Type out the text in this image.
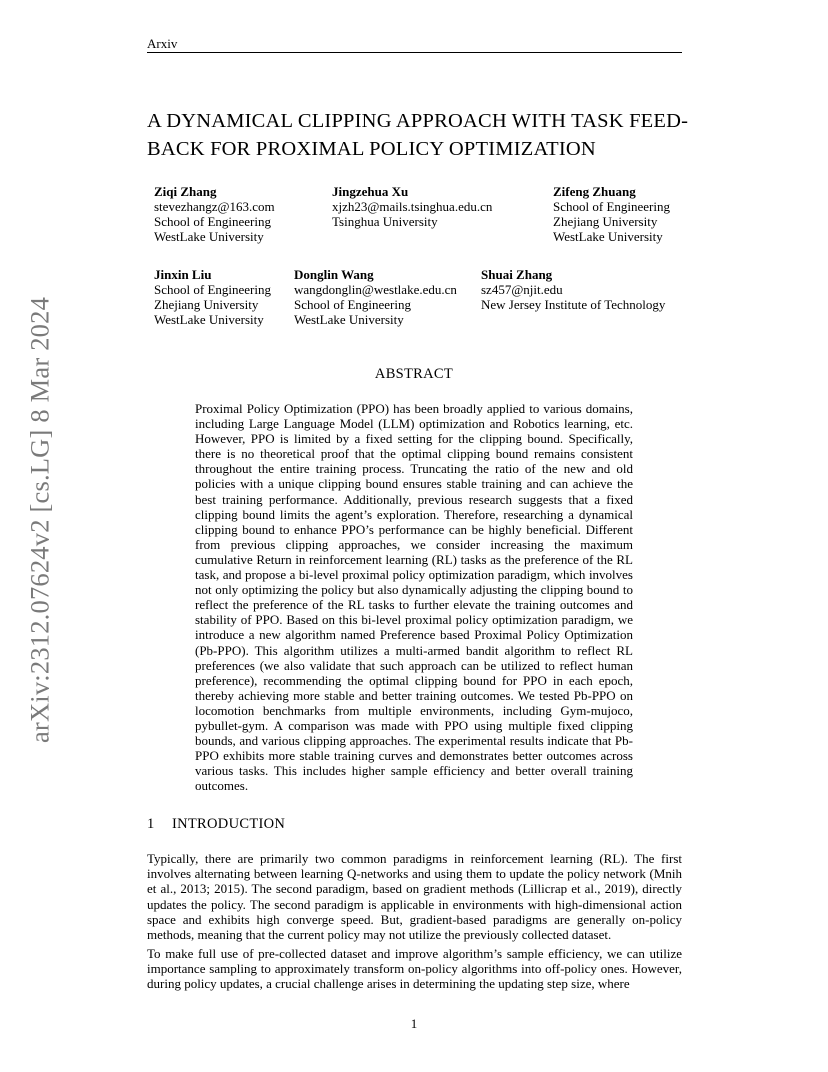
Arxiv
A DYNAMICAL CLIPPING APPROACH WITH TASK FEED- BACK FOR PROXIMAL POLICY OPTIMIZATION
Ziqi Zhang
stevezhangz@163.com
School of Engineering
WestLake University
Jingzehua Xu
xjzh23@mails.tsinghua.edu.cn
Tsinghua University
Zifeng Zhuang
School of Engineering
Zhejiang University
WestLake University
Jinxin Liu
School of Engineering
Zhejiang University
WestLake University
Donglin Wang
wangdonglin@westlake.edu.cn
School of Engineering
WestLake University
Shuai Zhang
sz457@njit.edu
New Jersey Institute of Technology
arXiv:2312.07624v2 [cs.LG] 8 Mar 2024	ABSTRACT
Proximal Policy Optimization (PPO) has been broadly applied to various domains, including Large Language Model (LLM) optimization and Robotics learning, etc. However, PPO is limited by a fixed setting for the clipping bound. Specifically, there is no theoretical proof that the optimal clipping bound remains consistent throughout the entire training process. Truncating the ratio of the new and old policies with a unique clipping bound ensures stable training and can achieve the best training performance. Additionally, previous research suggests that a fixed clipping bound limits the agent’s exploration. Therefore, researching a dynamical clipping bound to enhance PPO’s performance can be highly beneficial. Different from previous clipping approaches, we consider increasing the maximum cumulative Return in reinforcement learning (RL) tasks as the preference of the RL task, and propose a bi-level proximal policy optimization paradigm, which involves not only optimizing the policy but also dynamically adjusting the clipping bound to reflect the preference of the RL tasks to further elevate the training outcomes and stability of PPO. Based on this bi-level proximal policy optimization paradigm, we introduce a new algorithm named Preference based Proximal Policy Optimization (Pb-PPO). This algorithm utilizes a multi-armed bandit algorithm to reflect RL preferences (we also validate that such approach can be utilized to reflect human preference), recommending the optimal clipping bound for PPO in each epoch, thereby achieving more stable and better training outcomes. We tested Pb-PPO on locomotion benchmarks from multiple environments, including Gym-mujoco, pybullet-gym. A comparison was made with PPO using multiple fixed clipping bounds, and various clipping approaches. The experimental results indicate that Pb-PPO exhibits more stable training curves and demonstrates better outcomes across various tasks. This includes higher sample efficiency and better overall training outcomes.
1 INTRODUCTION
Typically, there are primarily two common paradigms in reinforcement learning (RL). The first involves alternating between learning Q-networks and using them to update the policy network (Mnih et al., 2013; 2015). The second paradigm, based on gradient methods (Lillicrap et al., 2019), directly updates the policy. The second paradigm is applicable in environments with high-dimensional action space and exhibits high converge speed. But, gradient-based paradigms are generally on-policy methods, meaning that the current policy may not utilize the previously collected dataset.
To make full use of pre-collected dataset and improve algorithm’s sample efficiency, we can utilize importance sampling to approximately transform on-policy algorithms into off-policy ones. However, during policy updates, a crucial challenge arises in determining the updating step size, where
1
